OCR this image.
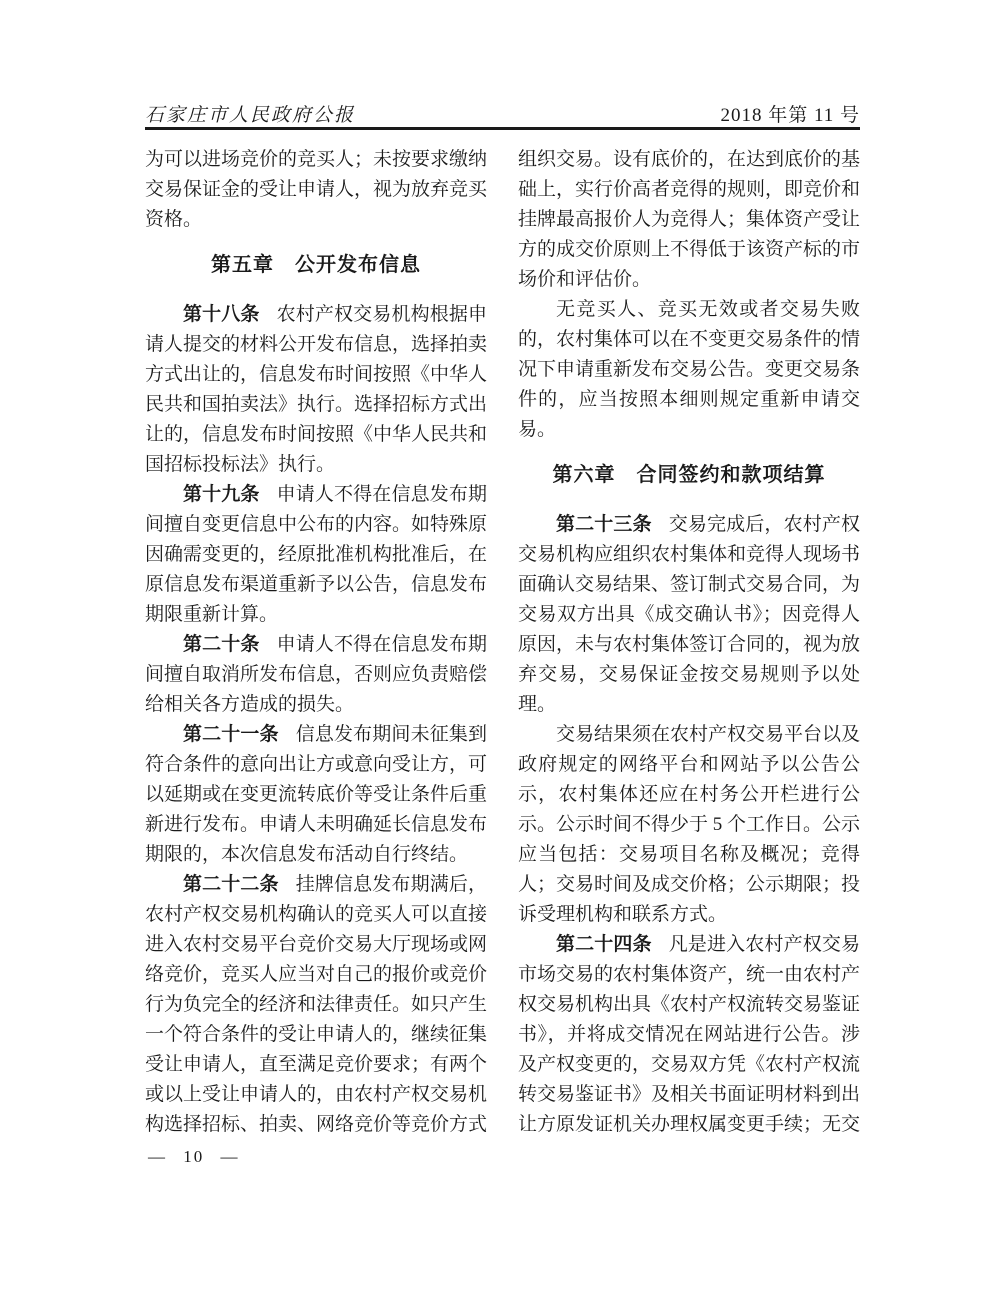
石家庄市人民政府公报	2018 年第 11 号

为可以进场竞价的竞买人；未按要求缴纳交易保证金的受让申请人，视为放弃竞买资格。

第五章　公开发布信息

第十八条 农村产权交易机构根据申请人提交的材料公开发布信息，选择拍卖方式出让的，信息发布时间按照《中华人民共和国拍卖法》执行。选择招标方式出让的，信息发布时间按照《中华人民共和国招标投标法》执行。

第十九条 申请人不得在信息发布期间擅自变更信息中公布的内容。如特殊原因确需变更的，经原批准机构批准后，在原信息发布渠道重新予以公告，信息发布期限重新计算。

第二十条 申请人不得在信息发布期间擅自取消所发布信息，否则应负责赔偿给相关各方造成的损失。

第二十一条 信息发布期间未征集到符合条件的意向出让方或意向受让方，可以延期或在变更流转底价等受让条件后重新进行发布。申请人未明确延长信息发布期限的，本次信息发布活动自行终结。

第二十二条 挂牌信息发布期满后，农村产权交易机构确认的竞买人可以直接进入农村交易平台竞价交易大厅现场或网络竞价，竞买人应当对自己的报价或竞价行为负完全的经济和法律责任。如只产生一个符合条件的受让申请人的，继续征集受让申请人，直至满足竞价要求；有两个或以上受让申请人的，由农村产权交易机构选择招标、拍卖、网络竞价等竞价方式

组织交易。设有底价的，在达到底价的基础上，实行价高者竞得的规则，即竞价和挂牌最高报价人为竞得人；集体资产受让方的成交价原则上不得低于该资产标的市场价和评估价。

无竞买人、竞买无效或者交易失败的，农村集体可以在不变更交易条件的情况下申请重新发布交易公告。变更交易条件的，应当按照本细则规定重新申请交易。

第六章　合同签约和款项结算

第二十三条 交易完成后，农村产权交易机构应组织农村集体和竞得人现场书面确认交易结果、签订制式交易合同，为交易双方出具《成交确认书》；因竞得人原因，未与农村集体签订合同的，视为放弃交易，交易保证金按交易规则予以处理。

交易结果须在农村产权交易平台以及政府规定的网络平台和网站予以公告公示，农村集体还应在村务公开栏进行公示。公示时间不得少于 5 个工作日。公示应当包括：交易项目名称及概况；竞得人；交易时间及成交价格；公示期限；投诉受理机构和联系方式。

第二十四条 凡是进入农村产权交易市场交易的农村集体资产，统一由农村产权交易机构出具《农村产权流转交易鉴证书》，并将成交情况在网站进行公告。涉及产权变更的，交易双方凭《农村产权流转交易鉴证书》及相关书面证明材料到出让方原发证机关办理权属变更手续；无交

— 10 —
